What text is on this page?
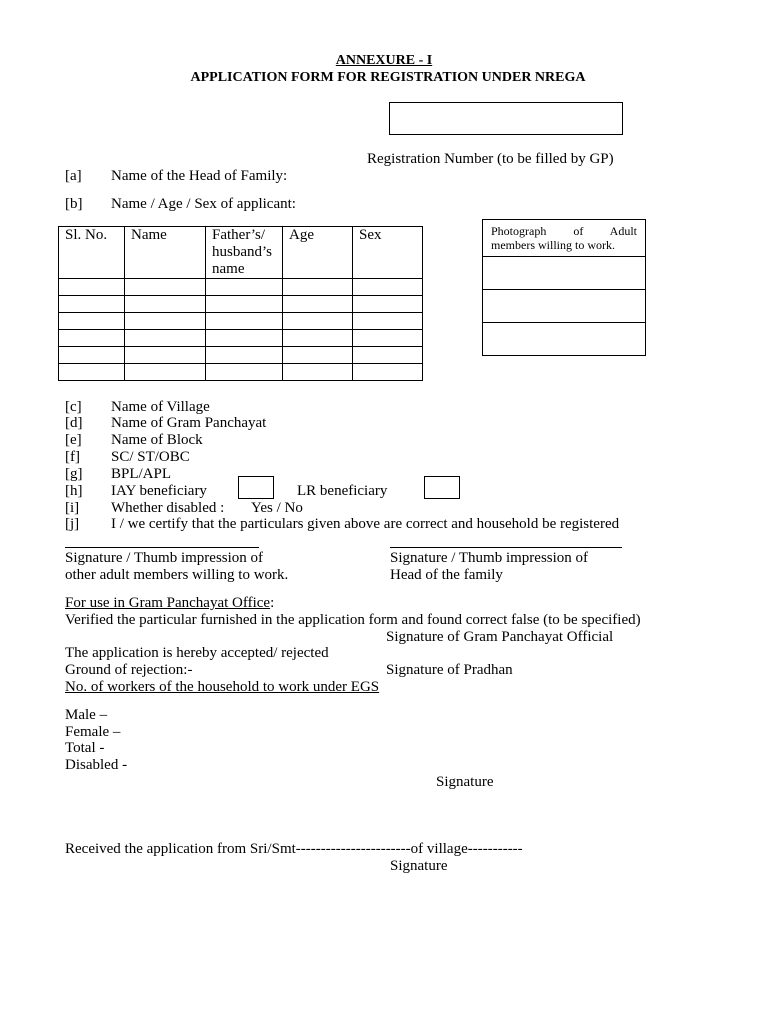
ANNEXURE - I
APPLICATION FORM FOR REGISTRATION UNDER NREGA
Registration Number (to be filled by GP)
[a] Name of the Head of Family:
[b] Name / Age / Sex of applicant:
Sl. No.	Name	Father’s/ husband’s name	Age	Sex

					Photograph of Adult
members willing to work.
[c] Name of Village
[d] Name of Gram Panchayat
[e] Name of Block
[f] SC/ ST/OBC
[g] BPL/APL
[h] IAY beneficiary	LR beneficiary
[i] Whether disabled : Yes / No
[j] I / we certify that the particulars given above are correct and household be registered
Signature / Thumb impression of
other adult members willing to work.
Signature / Thumb impression of
Head of the family
For use in Gram Panchayat Office:
Verified the particular furnished in the application form and found correct false (to be specified)
Signature of Gram Panchayat Official
The application is hereby accepted/ rejected
Ground of rejection:-	Signature of Pradhan
No. of workers of the household to work under EGS
Male –
Female –
Total -
Disabled -
Signature
Received the application from Sri/Smt-----------------------of village-----------
Signature
